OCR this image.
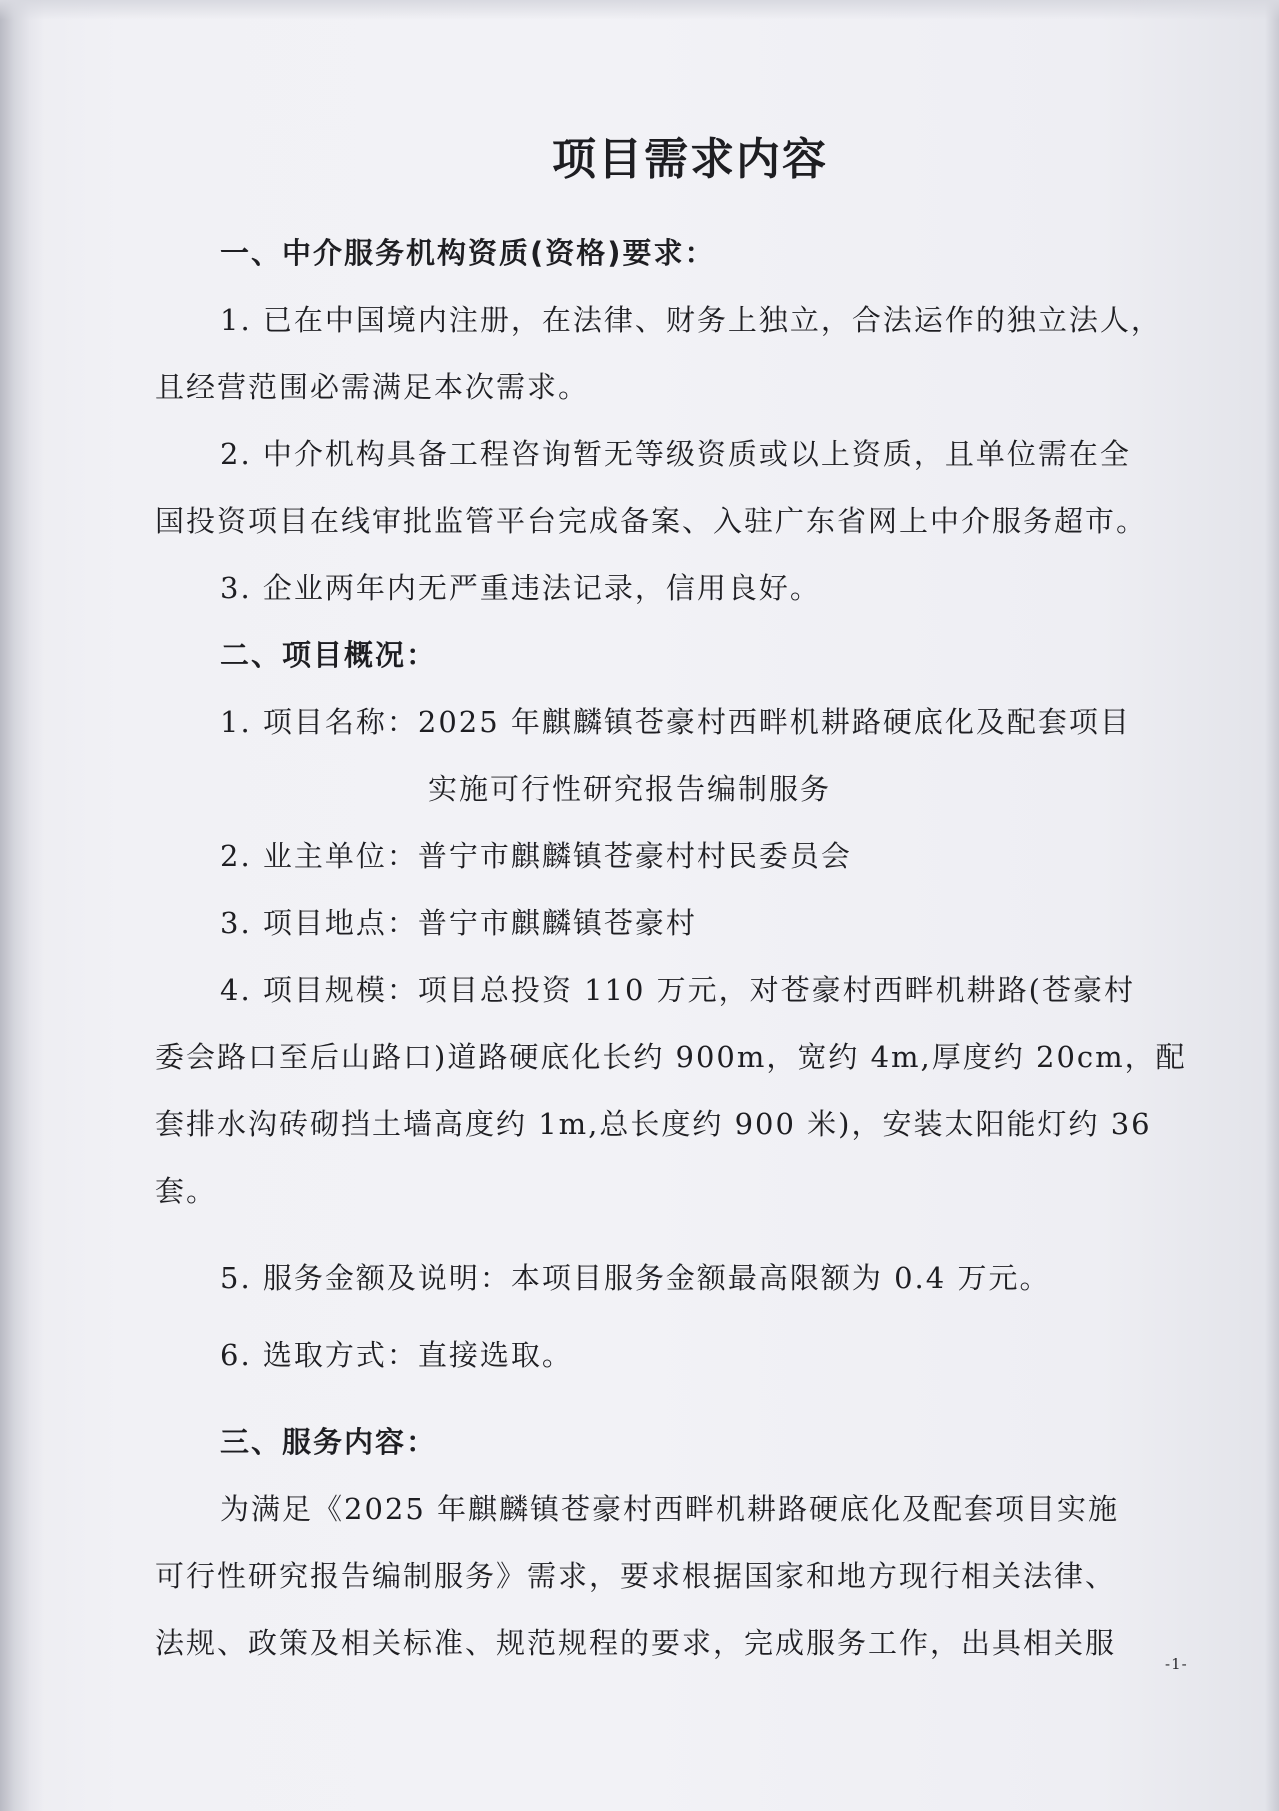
项目需求内容
一、中介服务机构资质(资格)要求：
1. 已在中国境内注册，在法律、财务上独立，合法运作的独立法人，
且经营范围必需满足本次需求。
2. 中介机构具备工程咨询暂无等级资质或以上资质，且单位需在全
国投资项目在线审批监管平台完成备案、入驻广东省网上中介服务超市。
3. 企业两年内无严重违法记录，信用良好。
二、项目概况：
1. 项目名称：2025 年麒麟镇苍豪村西畔机耕路硬底化及配套项目
实施可行性研究报告编制服务
2. 业主单位：普宁市麒麟镇苍豪村村民委员会
3. 项目地点：普宁市麒麟镇苍豪村
4. 项目规模：项目总投资 110 万元，对苍豪村西畔机耕路(苍豪村
委会路口至后山路口)道路硬底化长约 900m，宽约 4m,厚度约 20cm，配
套排水沟砖砌挡土墙高度约 1m,总长度约 900 米)，安装太阳能灯约 36
套。
5. 服务金额及说明：本项目服务金额最高限额为 0.4 万元。
6. 选取方式：直接选取。
三、服务内容：
为满足《2025 年麒麟镇苍豪村西畔机耕路硬底化及配套项目实施
可行性研究报告编制服务》需求，要求根据国家和地方现行相关法律、
法规、政策及相关标准、规范规程的要求，完成服务工作，出具相关服
-1-
